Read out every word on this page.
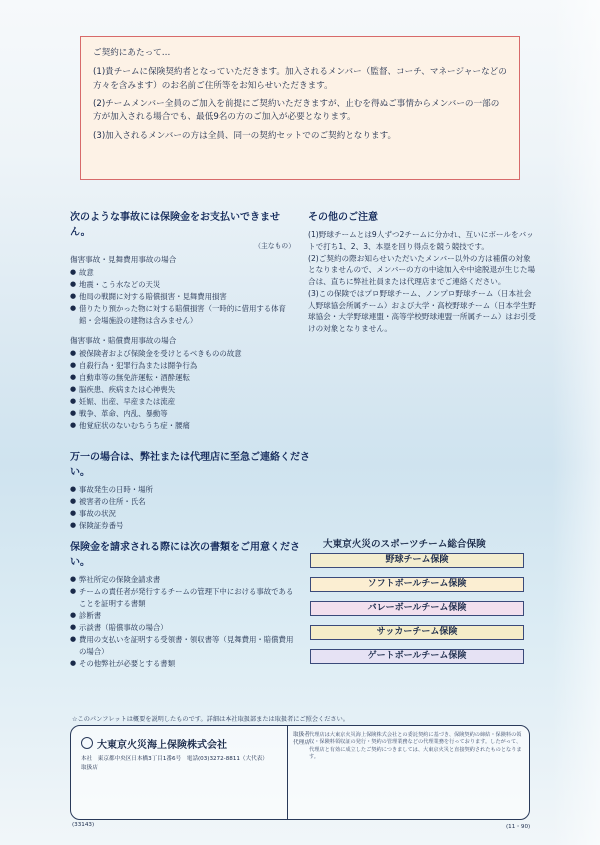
ご契約にあたって…

(1)貴チームに保険契約者となっていただきます。加入されるメンバー（監督、コーチ、マネージャーなどの方々を含みます）のお名前ご住所等をお知らせいただきます。

(2)チームメンバー全員のご加入を前提にご契約いただきますが、止むを得ぬご事情からメンバーの一部の方が加入される場合でも、最低9名の方のご加入が必要となります。

(3)加入されるメンバーの方は全員、同一の契約セットでのご契約となります。

次のような事故には保険金をお支払いできません。
（主なもの）
傷害事故・見舞費用事故の場合
● 故意
● 地震・こう水などの天災
● 他局の戦闘に対する賠償損害・見舞費用損害
● 借りたり預かった物に対する賠償損害（一時的に借用する体育館・会場施設の建物は含みません）
傷害事故・賠償費用事故の場合
● 被保険者および保険金を受けとるべきものの故意
● 自殺行為・犯罪行為または闘争行為
● 自動車等の無免許運転・酒酔運転
● 脳疾患、疾病または心神喪失
● 妊娠、出産、早産または流産
● 戦争、革命、内乱、暴動等
● 他覚症状のないむちうち症・腰痛
その他のご注意
(1)野球チームとは9人ずつ2チームに分かれ、互いにボールをバットで打ち1、2、3、本塁を回り得点を競う競技です。
(2)ご契約の際お知らせいただいたメンバー以外の方は補償の対象となりませんので、メンバーの方の中途加入や中途脱退が生じた場合は、直ちに弊社社員または代理店までご連絡ください。
(3)この保険ではプロ野球チーム、ノンプロ野球チーム（日本社会人野球協会所属チーム）および大学・高校野球チーム（日本学生野球協会・大学野球連盟・高等学校野球連盟一所属チーム）はお引受けの対象となりません。
万一の場合は、弊社または代理店に至急ご連絡ください。
● 事故発生の日時・場所
● 被害者の住所・氏名
● 事故の状況
● 保険証券番号
保険金を請求される際には次の書類をご用意ください。
● 弊社所定の保険金請求書
● チームの責任者が発行するチームの管理下中における事故であることを証明する書類
● 診断書
● 示談書（賠償事故の場合）
● 費用の支払いを証明する受領書・領収書等（見舞費用・賠償費用の場合）
● その他弊社が必要とする書類
大東京火災のスポーツチーム総合保険
野球チーム保険
ソフトボールチーム保険
バレーボールチーム保険
サッカーチーム保険
ゲートボールチーム保険
☆このパンフレットは概要を説明したものです。詳細は本社取扱部または取扱者にご照会ください。
大東京火災海上保険株式会社
本社　東京都中央区日本橋3丁目1番6号　電話(03)3272-8811（大代表）
取扱店
取扱者
代理店
代理店は大東京火災海上保険株式会社との委託契約に基づき、保険契約の締結・保険料の領収・保険料領収証の発行・契約の管理業務などの代理業務を行っております。したがって、代理店と有効に成立したご契約につきましては、大東京火災と直接契約されたものとなります。
(33143)	(11・90)
